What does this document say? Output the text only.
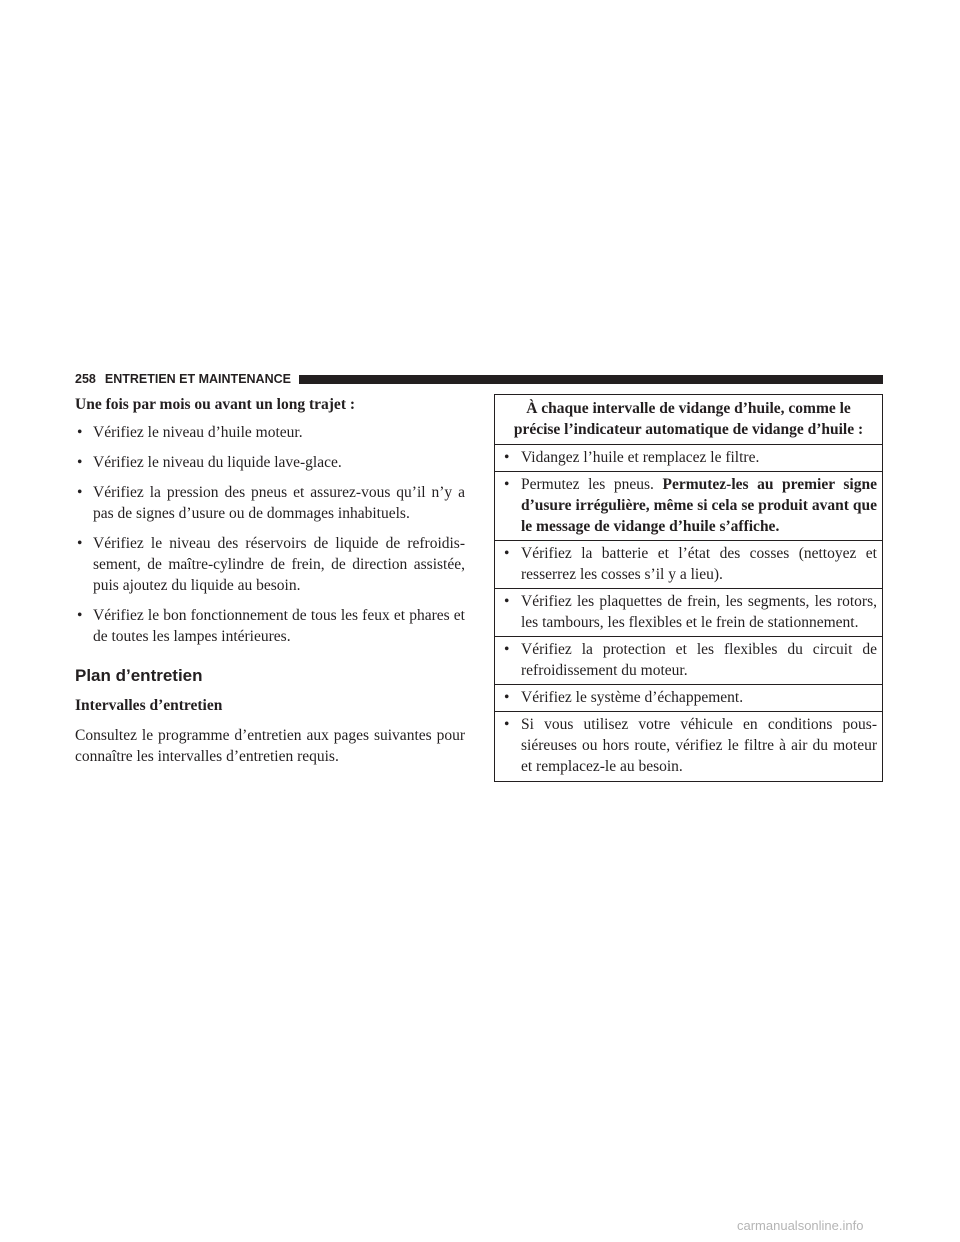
258 ENTRETIEN ET MAINTENANCE

Une fois par mois ou avant un long trajet :

• Vérifiez le niveau d’huile moteur.
• Vérifiez le niveau du liquide lave-glace.
• Vérifiez la pression des pneus et assurez-vous qu’il n’y a pas de signes d’usure ou de dommages inhabituels.
• Vérifiez le niveau des réservoirs de liquide de refroidis-sement, de maître-cylindre de frein, de direction assistée, puis ajoutez du liquide au besoin.
• Vérifiez le bon fonctionnement de tous les feux et phares et de toutes les lampes intérieures.
Plan d’entretien

Intervalles d’entretien

Consultez le programme d’entretien aux pages suivantes pour connaître les intervalles d’entretien requis.

À chaque intervalle de vidange d’huile, comme le précise l’indicateur automatique de vidange d’huile :
• Vidangez l’huile et remplacez le filtre.
• Permutez les pneus. Permutez-les au premier signe d’usure irrégulière, même si cela se produit avant que le message de vidange d’huile s’affiche.
• Vérifiez la batterie et l’état des cosses (nettoyez et resserrez les cosses s’il y a lieu).
• Vérifiez les plaquettes de frein, les segments, les rotors, les tambours, les flexibles et le frein de stationnement.
• Vérifiez la protection et les flexibles du circuit de refroidissement du moteur.
• Vérifiez le système d’échappement.
• Si vous utilisez votre véhicule en conditions pous-siéreuses ou hors route, vérifiez le filtre à air du moteur et remplacez-le au besoin.
carmanualsonline.info
